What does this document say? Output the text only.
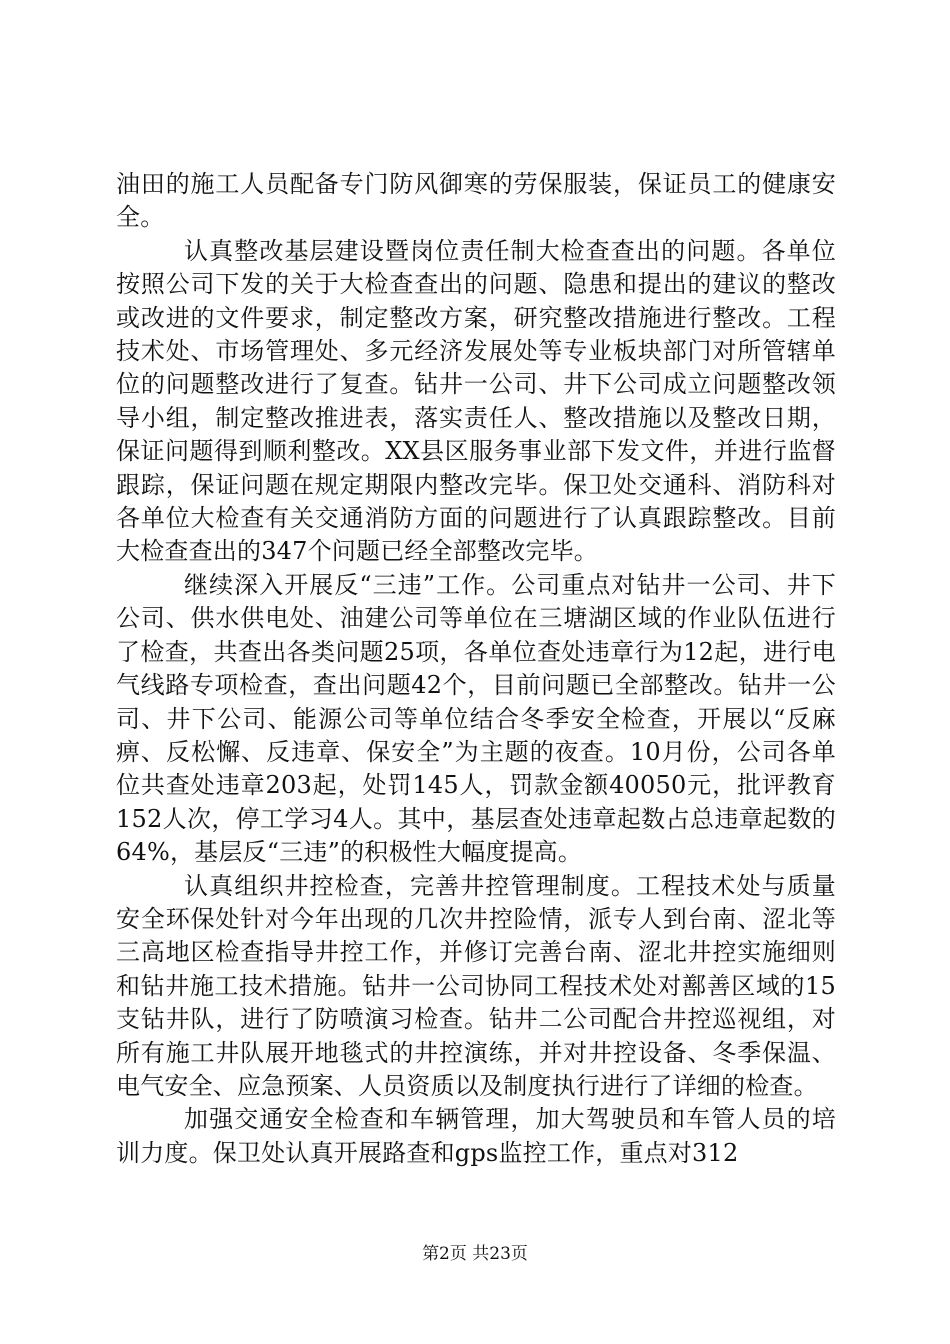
油田的施工人员配备专门防风御寒的劳保服装，保证员工的健康安全。

认真整改基层建设暨岗位责任制大检查查出的问题。各单位按照公司下发的关于大检查查出的问题、隐患和提出的建议的整改或改进的文件要求，制定整改方案，研究整改措施进行整改。工程技术处、市场管理处、多元经济发展处等专业板块部门对所管辖单位的问题整改进行了复查。钻井一公司、井下公司成立问题整改领导小组，制定整改推进表，落实责任人、整改措施以及整改日期，保证问题得到顺利整改。XX县区服务事业部下发文件，并进行监督跟踪，保证问题在规定期限内整改完毕。保卫处交通科、消防科对各单位大检查有关交通消防方面的问题进行了认真跟踪整改。目前大检查查出的347个问题已经全部整改完毕。

继续深入开展反“三违”工作。公司重点对钻井一公司、井下公司、供水供电处、油建公司等单位在三塘湖区域的作业队伍进行了检查，共查出各类问题25项，各单位查处违章行为12起，进行电气线路专项检查，查出问题42个，目前问题已全部整改。钻井一公司、井下公司、能源公司等单位结合冬季安全检查，开展以“反麻痹、反松懈、反违章、保安全”为主题的夜查。10月份，公司各单位共查处违章203起，处罚145人，罚款金额40050元，批评教育152人次，停工学习4人。其中，基层查处违章起数占总违章起数的64%，基层反“三违”的积极性大幅度提高。

认真组织井控检查，完善井控管理制度。工程技术处与质量安全环保处针对今年出现的几次井控险情，派专人到台南、涩北等三高地区检查指导井控工作，并修订完善台南、涩北井控实施细则和钻井施工技术措施。钻井一公司协同工程技术处对鄯善区域的15支钻井队，进行了防喷演习检查。钻井二公司配合井控巡视组，对所有施工井队展开地毯式的井控演练，并对井控设备、冬季保温、电气安全、应急预案、人员资质以及制度执行进行了详细的检查。

加强交通安全检查和车辆管理，加大驾驶员和车管人员的培训力度。保卫处认真开展路查和gps监控工作，重点对312

第2页 共23页
